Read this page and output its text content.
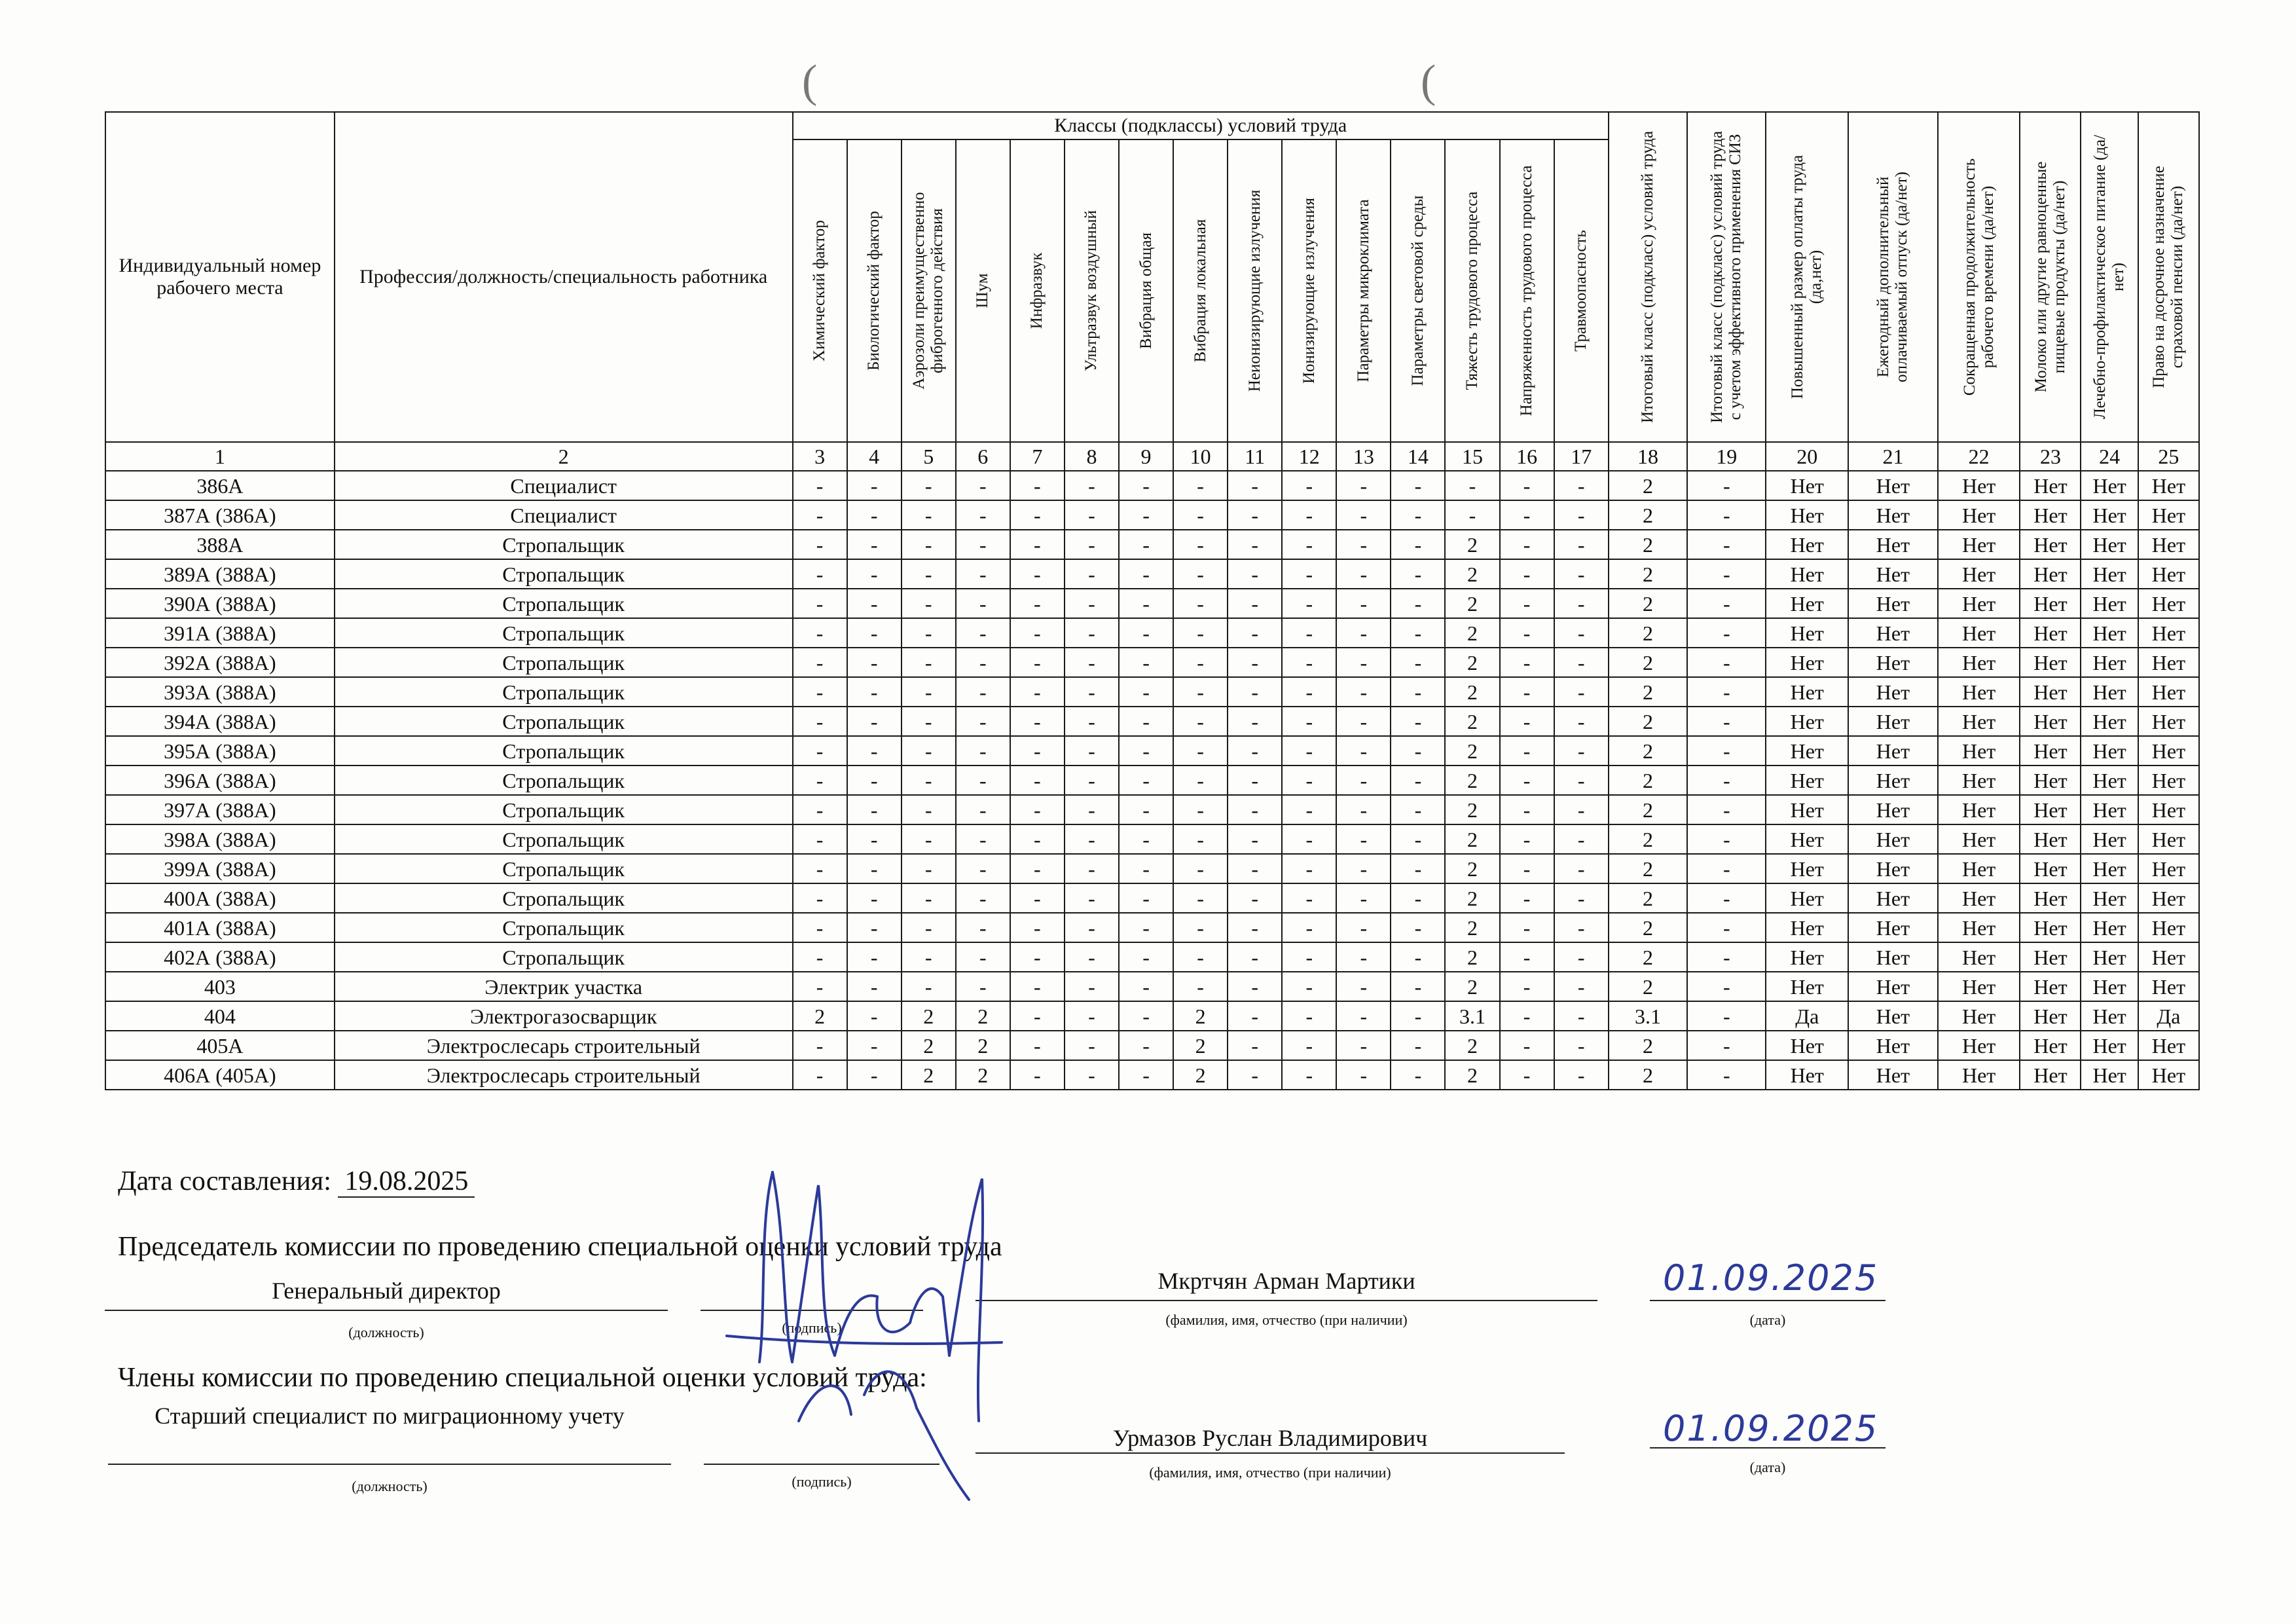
(	(
Индивидуальный номер рабочего места	Профессия/должность/специальность работника	Классы (подклассы) условий труда															Итоговый класс (подкласс) условий труда	Итоговый класс (подкласс) условий труда с учетом эффективного применения СИЗ	Повышенный размер оплаты труда (да,нет)	Ежегодный дополнительный оплачиваемый отпуск (да/нет)	Сокращенная продолжительность рабочего времени (да/нет)	Молоко или другие равноценные пищевые продукты (да/нет)	Лечебно-профилактическое питание (да/нет)	Право на досрочное назначение страховой пенсии (да/нет)

		Химический фактор	Биологический фактор	Аэрозоли преимущественно фиброгенного действия	Шум	Инфразвук	Ультразвук воздушный	Вибрация общая	Вибрация локальная	Неионизирующие излучения	Ионизирующие излучения	Параметры микроклимата	Параметры световой среды	Тяжесть трудового процесса	Напряженность трудового процесса	Травмоопасность								

1	2	3	4	5	6	7	8	9	10	11	12	13	14	15	16	17	18	19	20	21	22	23	24	25
386А	Специалист	-	-	-	-	-	-	-	-	-	-	-	-	-	-	-	2	-	Нет	Нет	Нет	Нет	Нет	Нет
387А (386А)	Специалист	-	-	-	-	-	-	-	-	-	-	-	-	-	-	-	2	-	Нет	Нет	Нет	Нет	Нет	Нет
388А	Стропальщик	-	-	-	-	-	-	-	-	-	-	-	-	2	-	-	2	-	Нет	Нет	Нет	Нет	Нет	Нет
389А (388А)	Стропальщик	-	-	-	-	-	-	-	-	-	-	-	-	2	-	-	2	-	Нет	Нет	Нет	Нет	Нет	Нет
390А (388А)	Стропальщик	-	-	-	-	-	-	-	-	-	-	-	-	2	-	-	2	-	Нет	Нет	Нет	Нет	Нет	Нет
391А (388А)	Стропальщик	-	-	-	-	-	-	-	-	-	-	-	-	2	-	-	2	-	Нет	Нет	Нет	Нет	Нет	Нет
392А (388А)	Стропальщик	-	-	-	-	-	-	-	-	-	-	-	-	2	-	-	2	-	Нет	Нет	Нет	Нет	Нет	Нет
393А (388А)	Стропальщик	-	-	-	-	-	-	-	-	-	-	-	-	2	-	-	2	-	Нет	Нет	Нет	Нет	Нет	Нет
394А (388А)	Стропальщик	-	-	-	-	-	-	-	-	-	-	-	-	2	-	-	2	-	Нет	Нет	Нет	Нет	Нет	Нет
395А (388А)	Стропальщик	-	-	-	-	-	-	-	-	-	-	-	-	2	-	-	2	-	Нет	Нет	Нет	Нет	Нет	Нет
396А (388А)	Стропальщик	-	-	-	-	-	-	-	-	-	-	-	-	2	-	-	2	-	Нет	Нет	Нет	Нет	Нет	Нет
397А (388А)	Стропальщик	-	-	-	-	-	-	-	-	-	-	-	-	2	-	-	2	-	Нет	Нет	Нет	Нет	Нет	Нет
398А (388А)	Стропальщик	-	-	-	-	-	-	-	-	-	-	-	-	2	-	-	2	-	Нет	Нет	Нет	Нет	Нет	Нет
399А (388А)	Стропальщик	-	-	-	-	-	-	-	-	-	-	-	-	2	-	-	2	-	Нет	Нет	Нет	Нет	Нет	Нет
400А (388А)	Стропальщик	-	-	-	-	-	-	-	-	-	-	-	-	2	-	-	2	-	Нет	Нет	Нет	Нет	Нет	Нет
401А (388А)	Стропальщик	-	-	-	-	-	-	-	-	-	-	-	-	2	-	-	2	-	Нет	Нет	Нет	Нет	Нет	Нет
402А (388А)	Стропальщик	-	-	-	-	-	-	-	-	-	-	-	-	2	-	-	2	-	Нет	Нет	Нет	Нет	Нет	Нет
403	Электрик участка	-	-	-	-	-	-	-	-	-	-	-	-	2	-	-	2	-	Нет	Нет	Нет	Нет	Нет	Нет
404	Электрогазосварщик	2	-	2	2	-	-	-	2	-	-	-	-	3.1	-	-	3.1	-	Да	Нет	Нет	Нет	Нет	Да
405А	Электрослесарь строительный	-	-	2	2	-	-	-	2	-	-	-	-	2	-	-	2	-	Нет	Нет	Нет	Нет	Нет	Нет
406А (405А)	Электрослесарь строительный	-	-	2	2	-	-	-	2	-	-	-	-	2	-	-	2	-	Нет	Нет	Нет	Нет	Нет	Нет
Дата составления: 19.08.2025
Председатель комиссии по проведению специальной оценки условий труда
Генеральный директор
(должность)	(подпись)
Мкртчян Арман Мартики
(фамилия, имя, отчество (при наличии)
01.09.2025
(дата)
Члены комиссии по проведению специальной оценки условий труда:
Старший специалист по миграционному учету
(должность)	(подпись)
Урмазов Руслан Владимирович
(фамилия, имя, отчество (при наличии)
01.09.2025
(дата)
